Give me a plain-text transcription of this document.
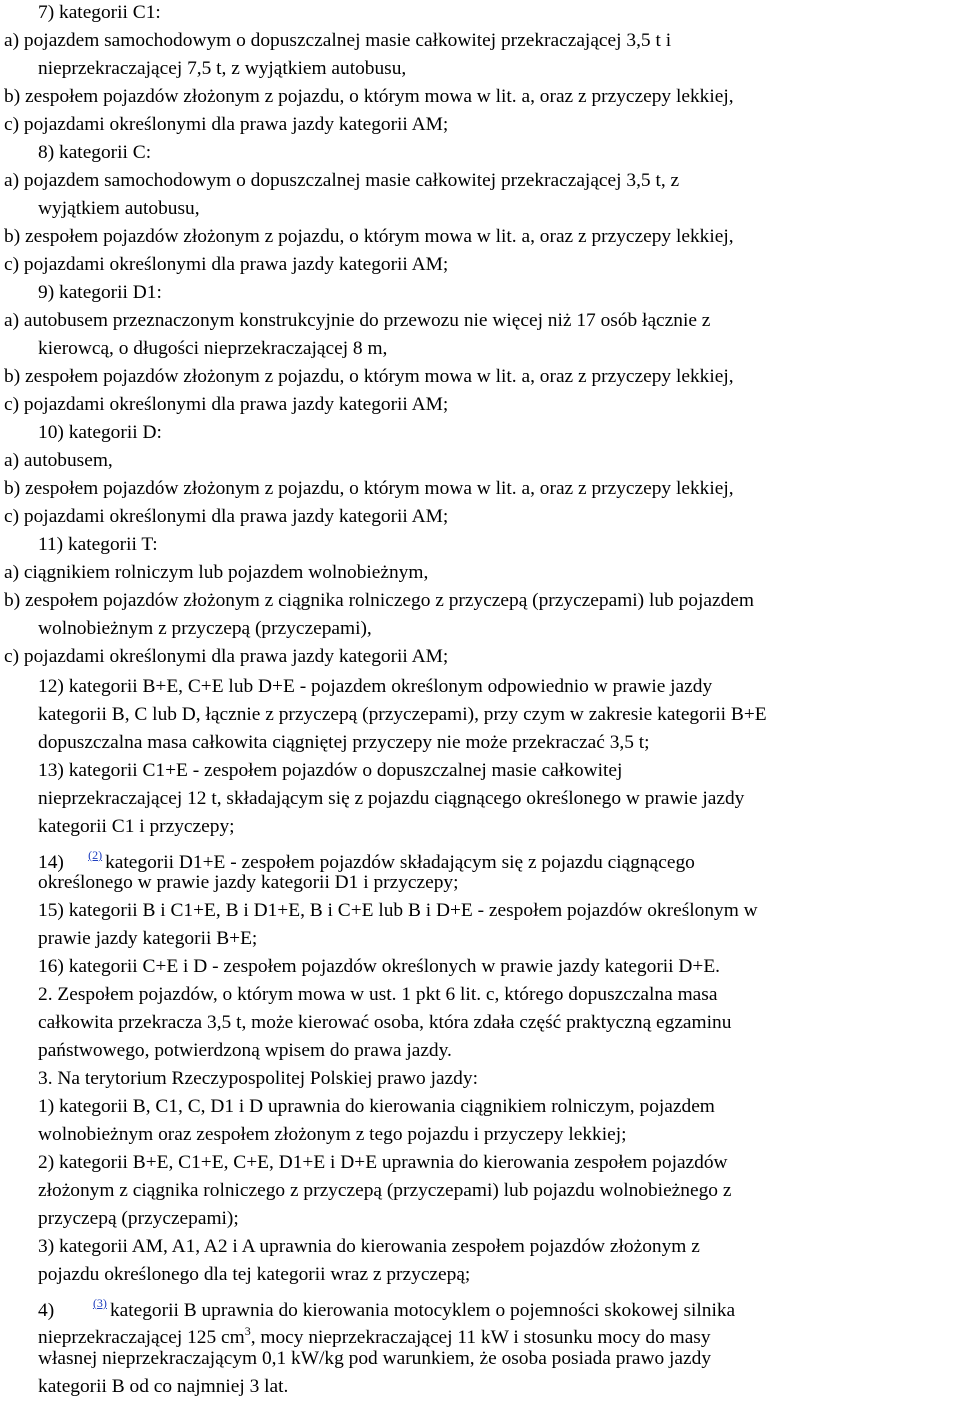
7) kategorii C1:
a) pojazdem samochodowym o dopuszczalnej masie całkowitej przekraczającej 3,5 t i
nieprzekraczającej 7,5 t, z wyjątkiem autobusu,
b) zespołem pojazdów złożonym z pojazdu, o którym mowa w lit. a, oraz z przyczepy lekkiej,
c) pojazdami określonymi dla prawa jazdy kategorii AM;
8) kategorii C:
a) pojazdem samochodowym o dopuszczalnej masie całkowitej przekraczającej 3,5 t, z
wyjątkiem autobusu,
b) zespołem pojazdów złożonym z pojazdu, o którym mowa w lit. a, oraz z przyczepy lekkiej,
c) pojazdami określonymi dla prawa jazdy kategorii AM;
9) kategorii D1:
a) autobusem przeznaczonym konstrukcyjnie do przewozu nie więcej niż 17 osób łącznie z
kierowcą, o długości nieprzekraczającej 8 m,
b) zespołem pojazdów złożonym z pojazdu, o którym mowa w lit. a, oraz z przyczepy lekkiej,
c) pojazdami określonymi dla prawa jazdy kategorii AM;
10) kategorii D:
a) autobusem,
b) zespołem pojazdów złożonym z pojazdu, o którym mowa w lit. a, oraz z przyczepy lekkiej,
c) pojazdami określonymi dla prawa jazdy kategorii AM;
11) kategorii T:
a) ciągnikiem rolniczym lub pojazdem wolnobieżnym,
b) zespołem pojazdów złożonym z ciągnika rolniczego z przyczepą (przyczepami) lub pojazdem
wolnobieżnym z przyczepą (przyczepami),
c) pojazdami określonymi dla prawa jazdy kategorii AM;
12) kategorii B+E, C+E lub D+E - pojazdem określonym odpowiednio w prawie jazdy
kategorii B, C lub D, łącznie z przyczepą (przyczepami), przy czym w zakresie kategorii B+E
dopuszczalna masa całkowita ciągniętej przyczepy nie może przekraczać 3,5 t;
13) kategorii C1+E - zespołem pojazdów o dopuszczalnej masie całkowitej
nieprzekraczającej 12 t, składającym się z pojazdu ciągnącego określonego w prawie jazdy
kategorii C1 i przyczepy;
14) $^{(2)}$ kategorii D1+E - zespołem pojazdów składającym się z pojazdu ciągnącego
określonego w prawie jazdy kategorii D1 i przyczepy;
15) kategorii B i C1+E, B i D1+E, B i C+E lub B i D+E - zespołem pojazdów określonym w
prawie jazdy kategorii B+E;
16) kategorii C+E i D - zespołem pojazdów określonych w prawie jazdy kategorii D+E.
2. Zespołem pojazdów, o którym mowa w ust. 1 pkt 6 lit. c, którego dopuszczalna masa
całkowita przekracza 3,5 t, może kierować osoba, która zdała część praktyczną egzaminu
państwowego, potwierdzoną wpisem do prawa jazdy.
3. Na terytorium Rzeczypospolitej Polskiej prawo jazdy:
1) kategorii B, C1, C, D1 i D uprawnia do kierowania ciągnikiem rolniczym, pojazdem
wolnobieżnym oraz zespołem złożonym z tego pojazdu i przyczepy lekkiej;
2) kategorii B+E, C1+E, C+E, D1+E i D+E uprawnia do kierowania zespołem pojazdów
złożonym z ciągnika rolniczego z przyczepą (przyczepami) lub pojazdu wolnobieżnego z
przyczepą (przyczepami);
3) kategorii AM, A1, A2 i A uprawnia do kierowania zespołem pojazdów złożonym z
pojazdu określonego dla tej kategorii wraz z przyczepą;
4)	$^{(3)}$ kategorii B uprawnia do kierowania motocyklem o pojemności skokowej silnika
nieprzekraczającej 125 $cm^3$, mocy nieprzekraczającej 11 kW i stosunku mocy do masy
własnej nieprzekraczającym 0,1 kW/kg pod warunkiem, że osoba posiada prawo jazdy
kategorii B od co najmniej 3 lat.
